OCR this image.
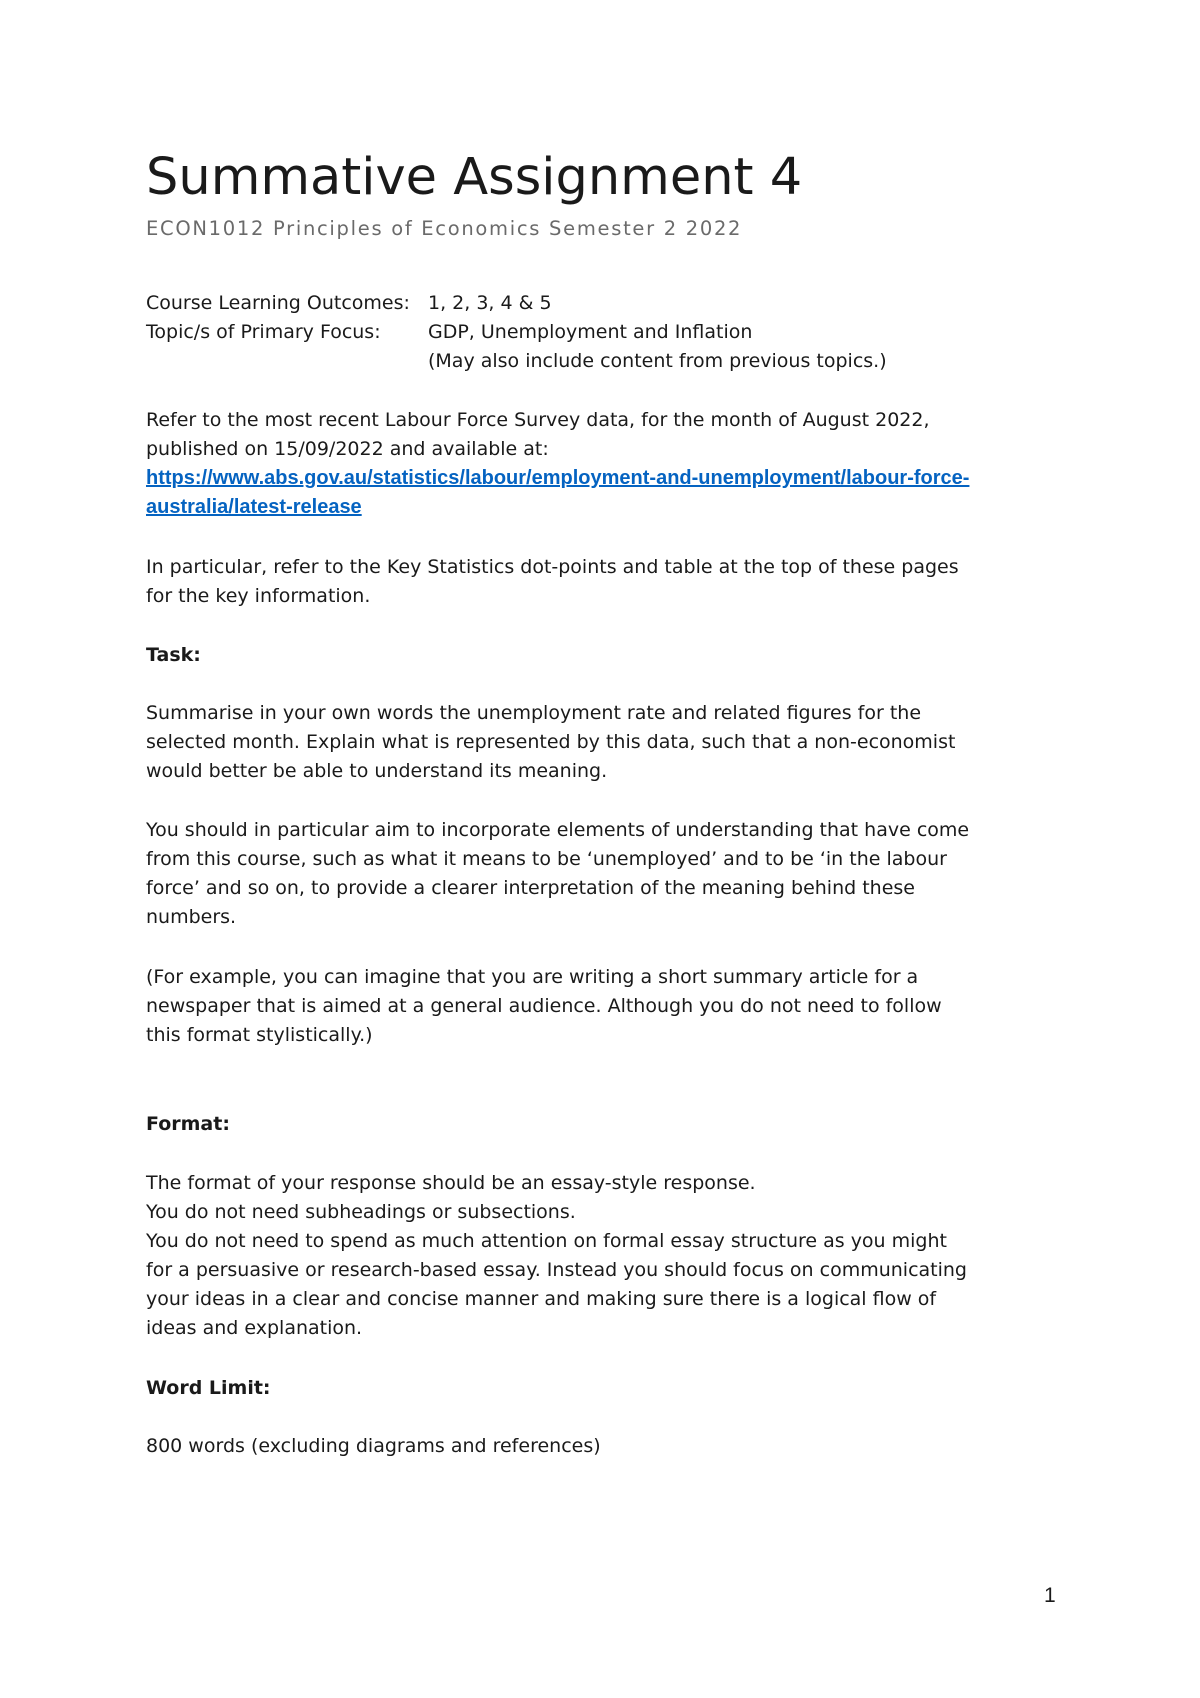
Summative Assignment 4
ECON1012 Principles of Economics Semester 2 2022
Course Learning Outcomes: 1, 2, 3, 4 & 5
Topic/s of Primary Focus:	GDP, Unemployment and Inflation
(May also include content from previous topics.)
Refer to the most recent Labour Force Survey data, for the month of August 2022,
published on 15/09/2022 and available at:
https://www.abs.gov.au/statistics/labour/employment-and-unemployment/labour-force-
australia/latest-release
In particular, refer to the Key Statistics dot-points and table at the top of these pages
for the key information.
Task:
Summarise in your own words the unemployment rate and related figures for the
selected month. Explain what is represented by this data, such that a non-economist
would better be able to understand its meaning.
You should in particular aim to incorporate elements of understanding that have come
from this course, such as what it means to be ‘unemployed’ and to be ‘in the labour
force’ and so on, to provide a clearer interpretation of the meaning behind these
numbers.
(For example, you can imagine that you are writing a short summary article for a
newspaper that is aimed at a general audience. Although you do not need to follow
this format stylistically.)
Format:
The format of your response should be an essay-style response.
You do not need subheadings or subsections.
You do not need to spend as much attention on formal essay structure as you might
for a persuasive or research-based essay. Instead you should focus on communicating
your ideas in a clear and concise manner and making sure there is a logical flow of
ideas and explanation.
Word Limit:
800 words (excluding diagrams and references)
1
